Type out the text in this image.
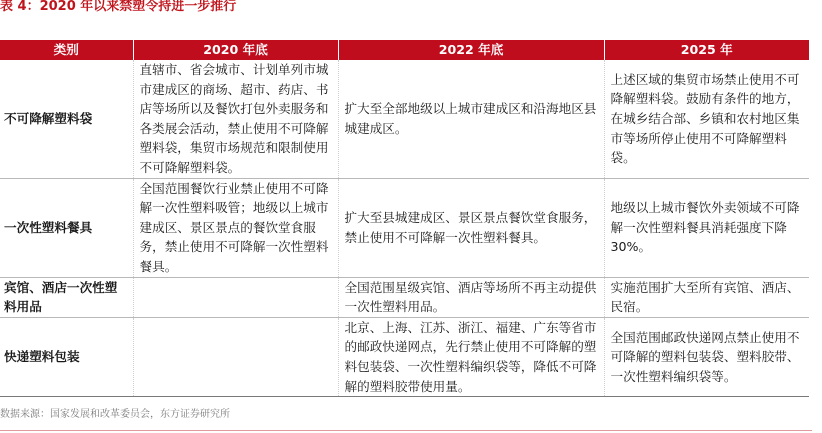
表 4：2020 年以来禁塑令持进一步推行
类别	2020 年底	2022 年底	2025 年
不可降解塑料袋	直辖市、省会城市、计划单列市城市建成区的商场、超市、药店、书店等场所以及餐饮打包外卖服务和各类展会活动，禁止使用不可降解塑料袋，集贸市场规范和限制使用不可降解塑料袋。	扩大至全部地级以上城市建成区和沿海地区县城建成区。	上述区域的集贸市场禁止使用不可降解塑料袋。鼓励有条件的地方，在城乡结合部、乡镇和农村地区集市等场所停止使用不可降解塑料袋。
一次性塑料餐具	全国范围餐饮行业禁止使用不可降解一次性塑料吸管；地级以上城市建成区、景区景点的餐饮堂食服务，禁止使用不可降解一次性塑料餐具。	扩大至县城建成区、景区景点餐饮堂食服务，禁止使用不可降解一次性塑料餐具。	地级以上城市餐饮外卖领域不可降解一次性塑料餐具消耗强度下降 30%。
宾馆、酒店一次性塑料用品		全国范围星级宾馆、酒店等场所不再主动提供一次性塑料用品。	实施范围扩大至所有宾馆、酒店、民宿。
快递塑料包装		北京、上海、江苏、浙江、福建、广东等省市的邮政快递网点，先行禁止使用不可降解的塑料包装袋、一次性塑料编织袋等，降低不可降解的塑料胶带使用量。	全国范围邮政快递网点禁止使用不可降解的塑料包装袋、塑料胶带、一次性塑料编织袋等。
数据来源：国家发展和改革委员会，东方证券研究所
